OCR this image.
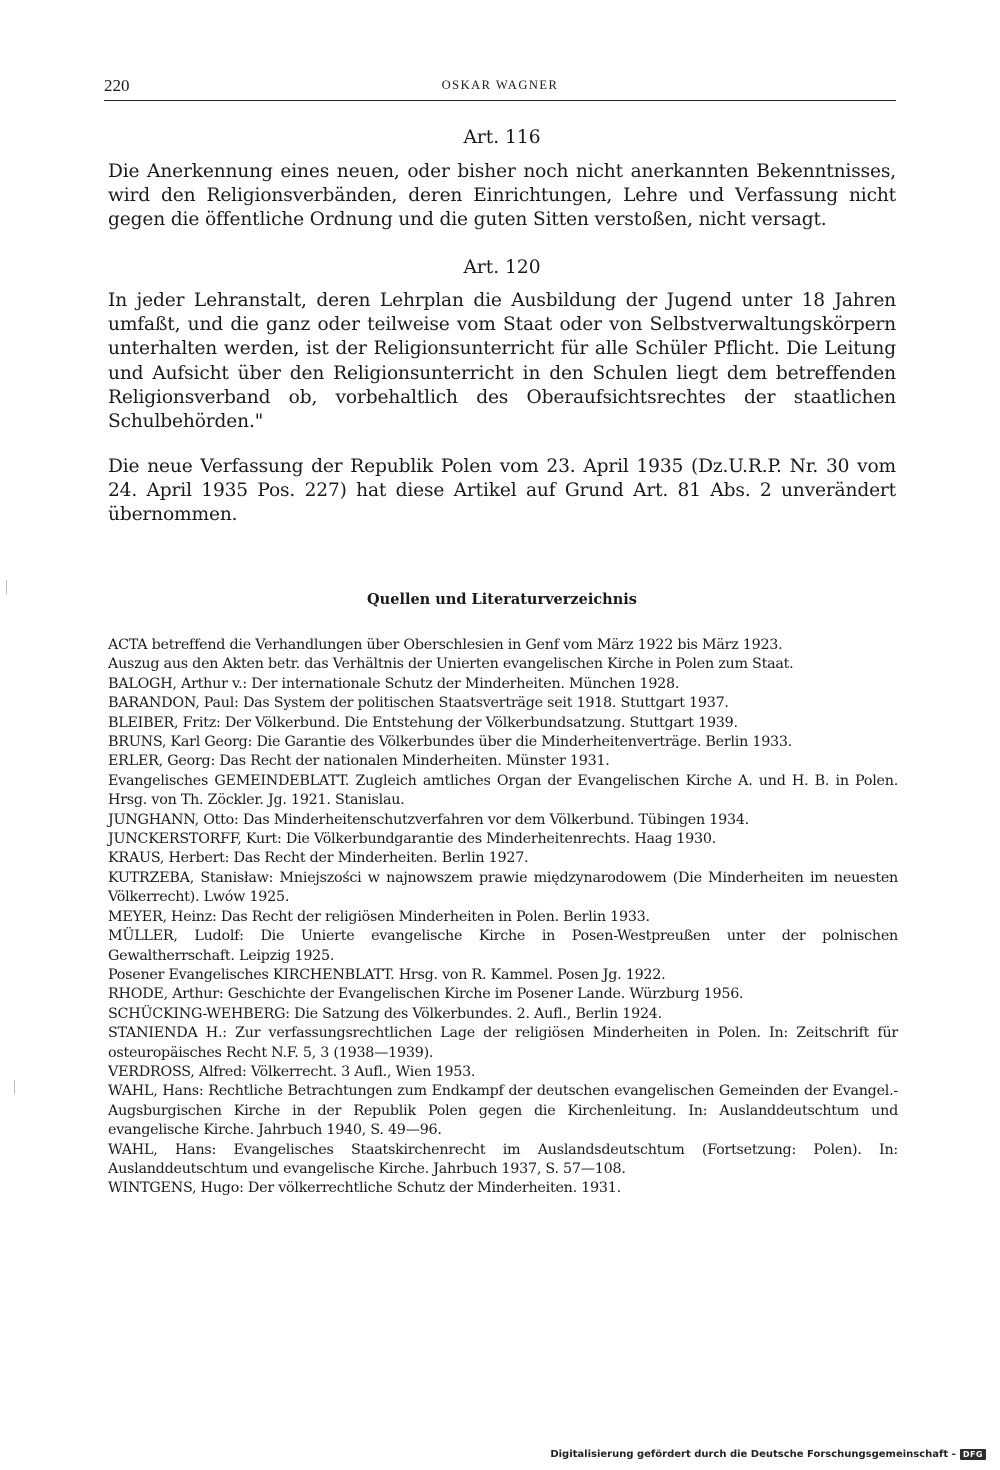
220	OSKAR WAGNER
Art. 116

Die Anerkennung eines neuen, oder bisher noch nicht anerkannten Bekenntnisses, wird den Religionsverbänden, deren Einrichtungen, Lehre und Verfassung nicht gegen die öffentliche Ordnung und die guten Sitten verstoßen, nicht versagt.

Art. 120

In jeder Lehranstalt, deren Lehrplan die Ausbildung der Jugend unter 18 Jahren umfaßt, und die ganz oder teilweise vom Staat oder von Selbstverwaltungskörpern unterhalten werden, ist der Religionsunterricht für alle Schüler Pflicht. Die Leitung und Aufsicht über den Religionsunterricht in den Schulen liegt dem betreffenden Religionsverband ob, vorbehaltlich des Oberaufsichtsrechtes der staatlichen Schulbehörden."

Die neue Verfassung der Republik Polen vom 23. April 1935 (Dz.U.R.P. Nr. 30 vom 24. April 1935 Pos. 227) hat diese Artikel auf Grund Art. 81 Abs. 2 unverändert übernommen.

Quellen und Literaturverzeichnis

ACTA betreffend die Verhandlungen über Oberschlesien in Genf vom März 1922 bis März 1923.

Auszug aus den Akten betr. das Verhältnis der Unierten evangelischen Kirche in Polen zum Staat.

BALOGH, Arthur v.: Der internationale Schutz der Minderheiten. München 1928.

BARANDON, Paul: Das System der politischen Staatsverträge seit 1918. Stuttgart 1937.

BLEIBER, Fritz: Der Völkerbund. Die Entstehung der Völkerbundsatzung. Stuttgart 1939.

BRUNS, Karl Georg: Die Garantie des Völkerbundes über die Minderheitenverträge. Berlin 1933.

ERLER, Georg: Das Recht der nationalen Minderheiten. Münster 1931.

Evangelisches GEMEINDEBLATT. Zugleich amtliches Organ der Evangelischen Kirche A. und H. B. in Polen. Hrsg. von Th. Zöckler. Jg. 1921. Stanislau.

JUNGHANN, Otto: Das Minderheitenschutzverfahren vor dem Völkerbund. Tübingen 1934.

JUNCKERSTORFF, Kurt: Die Völkerbundgarantie des Minderheitenrechts. Haag 1930.

KRAUS, Herbert: Das Recht der Minderheiten. Berlin 1927.

KUTRZEBA, Stanisław: Mniejszości w najnowszem prawie międzynarodowem (Die Minderheiten im neuesten Völkerrecht). Lwów 1925.

MEYER, Heinz: Das Recht der religiösen Minderheiten in Polen. Berlin 1933.

MÜLLER, Ludolf: Die Unierte evangelische Kirche in Posen-Westpreußen unter der polnischen Gewaltherrschaft. Leipzig 1925.

Posener Evangelisches KIRCHENBLATT. Hrsg. von R. Kammel. Posen Jg. 1922.

RHODE, Arthur: Geschichte der Evangelischen Kirche im Posener Lande. Würzburg 1956.

SCHÜCKING-WEHBERG: Die Satzung des Völkerbundes. 2. Aufl., Berlin 1924.

STANIENDA H.: Zur verfassungsrechtlichen Lage der religiösen Minderheiten in Polen. In: Zeitschrift für osteuropäisches Recht N.F. 5, 3 (1938—1939).

VERDROSS, Alfred: Völkerrecht. 3 Aufl., Wien 1953.

WAHL, Hans: Rechtliche Betrachtungen zum Endkampf der deutschen evangelischen Gemeinden der Evangel.-Augsburgischen Kirche in der Republik Polen gegen die Kirchenleitung. In: Auslanddeutschtum und evangelische Kirche. Jahrbuch 1940, S. 49—96.

WAHL, Hans: Evangelisches Staatskirchenrecht im Auslandsdeutschtum (Fortsetzung: Polen). In: Auslanddeutschtum und evangelische Kirche. Jahrbuch 1937, S. 57—108.

WINTGENS, Hugo: Der völkerrechtliche Schutz der Minderheiten. 1931.

Digitalisierung gefördert durch die Deutsche Forschungsgemeinschaft - DFG
